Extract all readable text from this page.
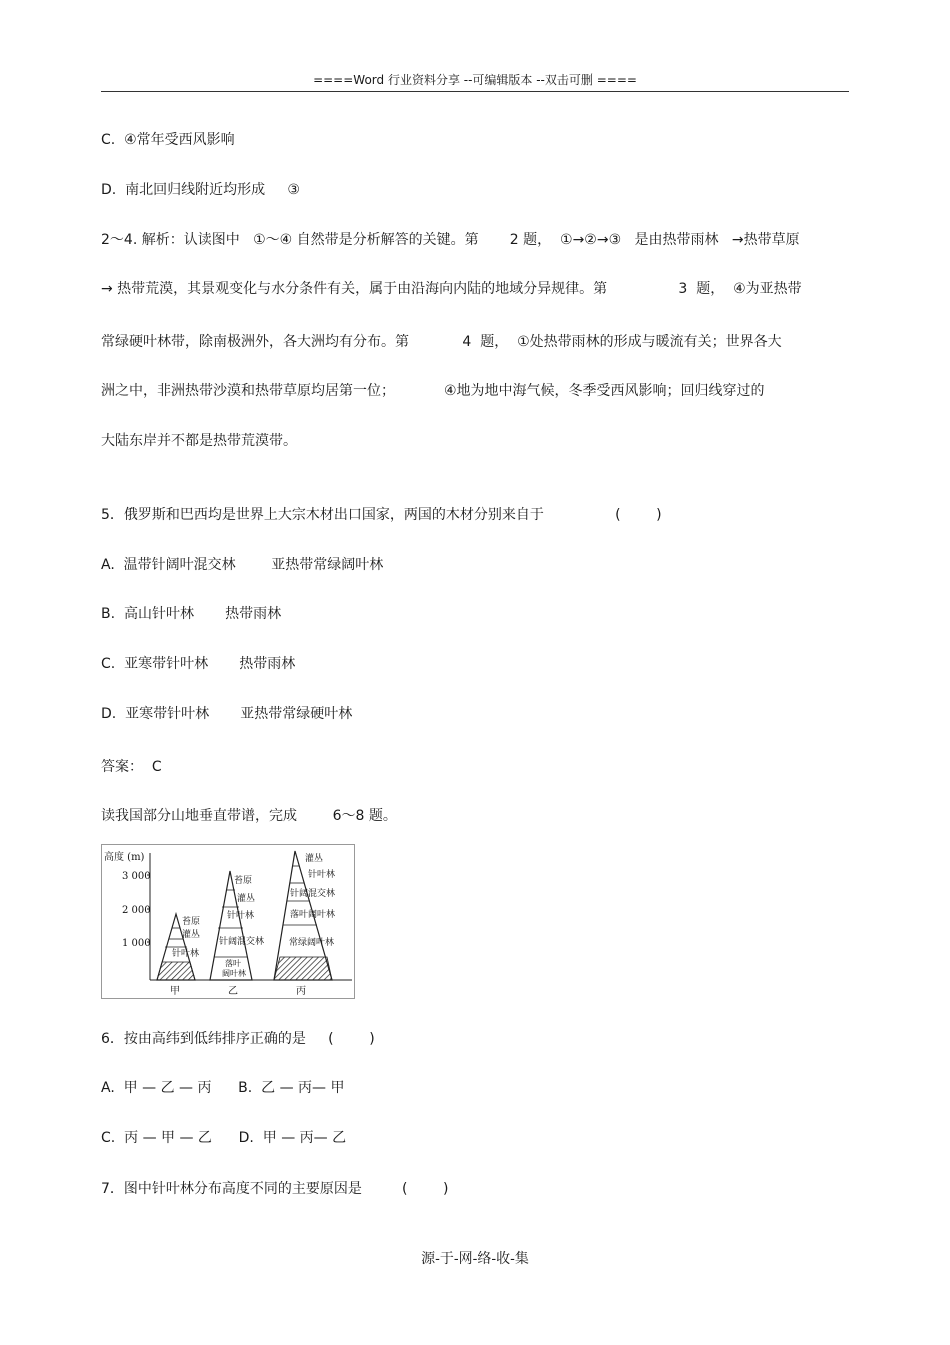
====Word 行业资料分享 --可编辑版本 --双击可删 ====
C.  ④常年受西风影响
D.  南北回归线附近均形成     ③
2～4. 解析：认读图中   ①～④ 自然带是分析解答的关键。第       2 题，  ①→②→③   是由热带雨林   →热带草原
→ 热带荒漠，其景观变化与水分条件有关，属于由沿海向内陆的地域分异规律。第                3  题，  ④为亚热带
常绿硬叶林带，除南极洲外，各大洲均有分布。第            4  题，  ①处热带雨林的形成与暖流有关；世界各大
洲之中，非洲热带沙漠和热带草原均居第一位；           ④地为地中海气候，冬季受西风影响；回归线穿过的
大陆东岸并不都是热带荒漠带。
5．俄罗斯和巴西均是世界上大宗木材出口国家，两国的木材分别来自于                (        )
A.  温带针阔叶混交林        亚热带常绿阔叶林
B.  高山针叶林       热带雨林
C.  亚寒带针叶林       热带雨林
D.  亚寒带针叶林       亚热带常绿硬叶林
答案：  C
读我国部分山地垂直带谱，完成        6～8 题。
高度 (m)
3 000
2 000
1 000
苔原
灌丛
针叶林
甲
苔原
灌丛
针叶林
针阔混交林
落叶
阔叶林
乙
灌丛
针叶林
针阔混交林
落叶阔叶林
常绿阔叶林
丙
6．按由高纬到低纬排序正确的是     (        )
A.  甲 — 乙 — 丙      B.  乙 — 丙— 甲
C.  丙 — 甲 — 乙      D.  甲 — 丙— 乙
7．图中针叶林分布高度不同的主要原因是         (        )
源-于-网-络-收-集
